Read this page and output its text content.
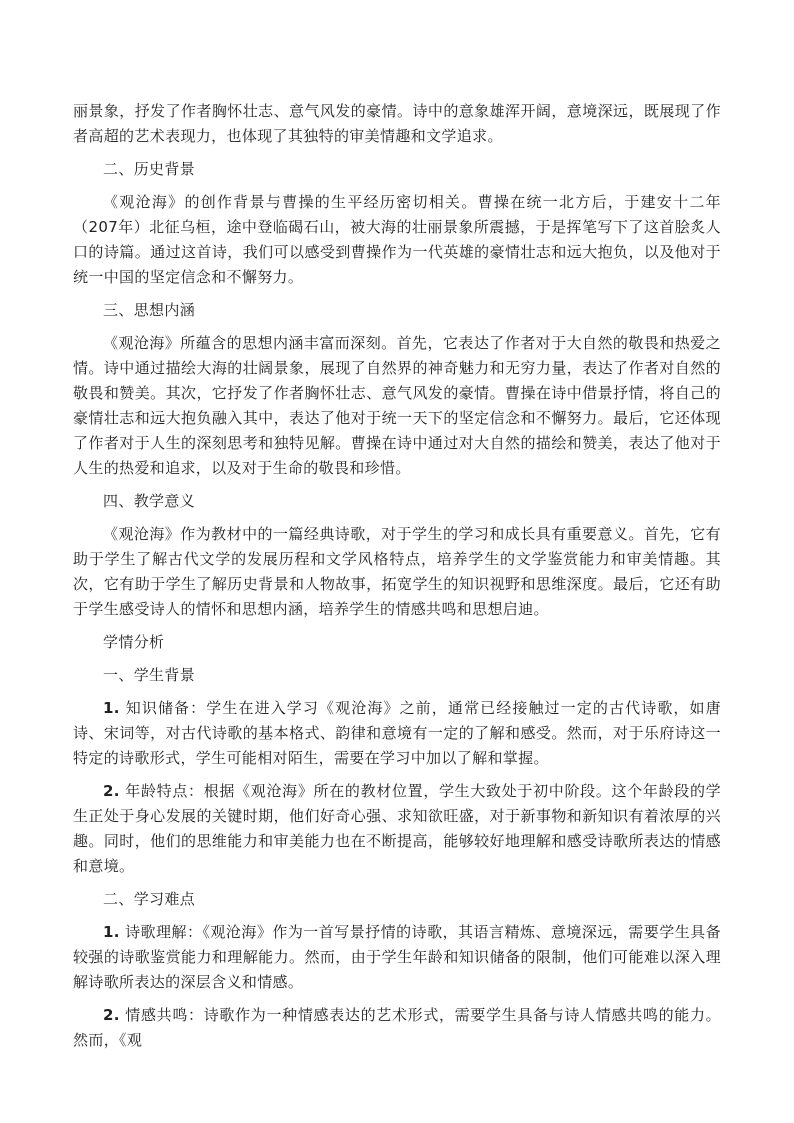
丽景象，抒发了作者胸怀壮志、意气风发的豪情。诗中的意象雄浑开阔，意境深远，既展现了作者高超的艺术表现力，也体现了其独特的审美情趣和文学追求。

二、历史背景

《观沧海》的创作背景与曹操的生平经历密切相关。曹操在统一北方后，于建安十二年（207年）北征乌桓，途中登临碣石山，被大海的壮丽景象所震撼，于是挥笔写下了这首脍炙人口的诗篇。通过这首诗，我们可以感受到曹操作为一代英雄的豪情壮志和远大抱负，以及他对于统一中国的坚定信念和不懈努力。

三、思想内涵

《观沧海》所蕴含的思想内涵丰富而深刻。首先，它表达了作者对于大自然的敬畏和热爱之情。诗中通过描绘大海的壮阔景象，展现了自然界的神奇魅力和无穷力量，表达了作者对自然的敬畏和赞美。其次，它抒发了作者胸怀壮志、意气风发的豪情。曹操在诗中借景抒情，将自己的豪情壮志和远大抱负融入其中，表达了他对于统一天下的坚定信念和不懈努力。最后，它还体现了作者对于人生的深刻思考和独特见解。曹操在诗中通过对大自然的描绘和赞美，表达了他对于人生的热爱和追求，以及对于生命的敬畏和珍惜。

四、教学意义

《观沧海》作为教材中的一篇经典诗歌，对于学生的学习和成长具有重要意义。首先，它有助于学生了解古代文学的发展历程和文学风格特点，培养学生的文学鉴赏能力和审美情趣。其次，它有助于学生了解历史背景和人物故事，拓宽学生的知识视野和思维深度。最后，它还有助于学生感受诗人的情怀和思想内涵，培养学生的情感共鸣和思想启迪。

学情分析

一、学生背景

1. 知识储备：学生在进入学习《观沧海》之前，通常已经接触过一定的古代诗歌，如唐诗、宋词等，对古代诗歌的基本格式、韵律和意境有一定的了解和感受。然而，对于乐府诗这一特定的诗歌形式，学生可能相对陌生，需要在学习中加以了解和掌握。

2. 年龄特点：根据《观沧海》所在的教材位置，学生大致处于初中阶段。这个年龄段的学生正处于身心发展的关键时期，他们好奇心强、求知欲旺盛，对于新事物和新知识有着浓厚的兴趣。同时，他们的思维能力和审美能力也在不断提高，能够较好地理解和感受诗歌所表达的情感和意境。

二、学习难点

1. 诗歌理解：《观沧海》作为一首写景抒情的诗歌，其语言精炼、意境深远，需要学生具备较强的诗歌鉴赏能力和理解能力。然而，由于学生年龄和知识储备的限制，他们可能难以深入理解诗歌所表达的深层含义和情感。

2. 情感共鸣：诗歌作为一种情感表达的艺术形式，需要学生具备与诗人情感共鸣的能力。然而，《观
